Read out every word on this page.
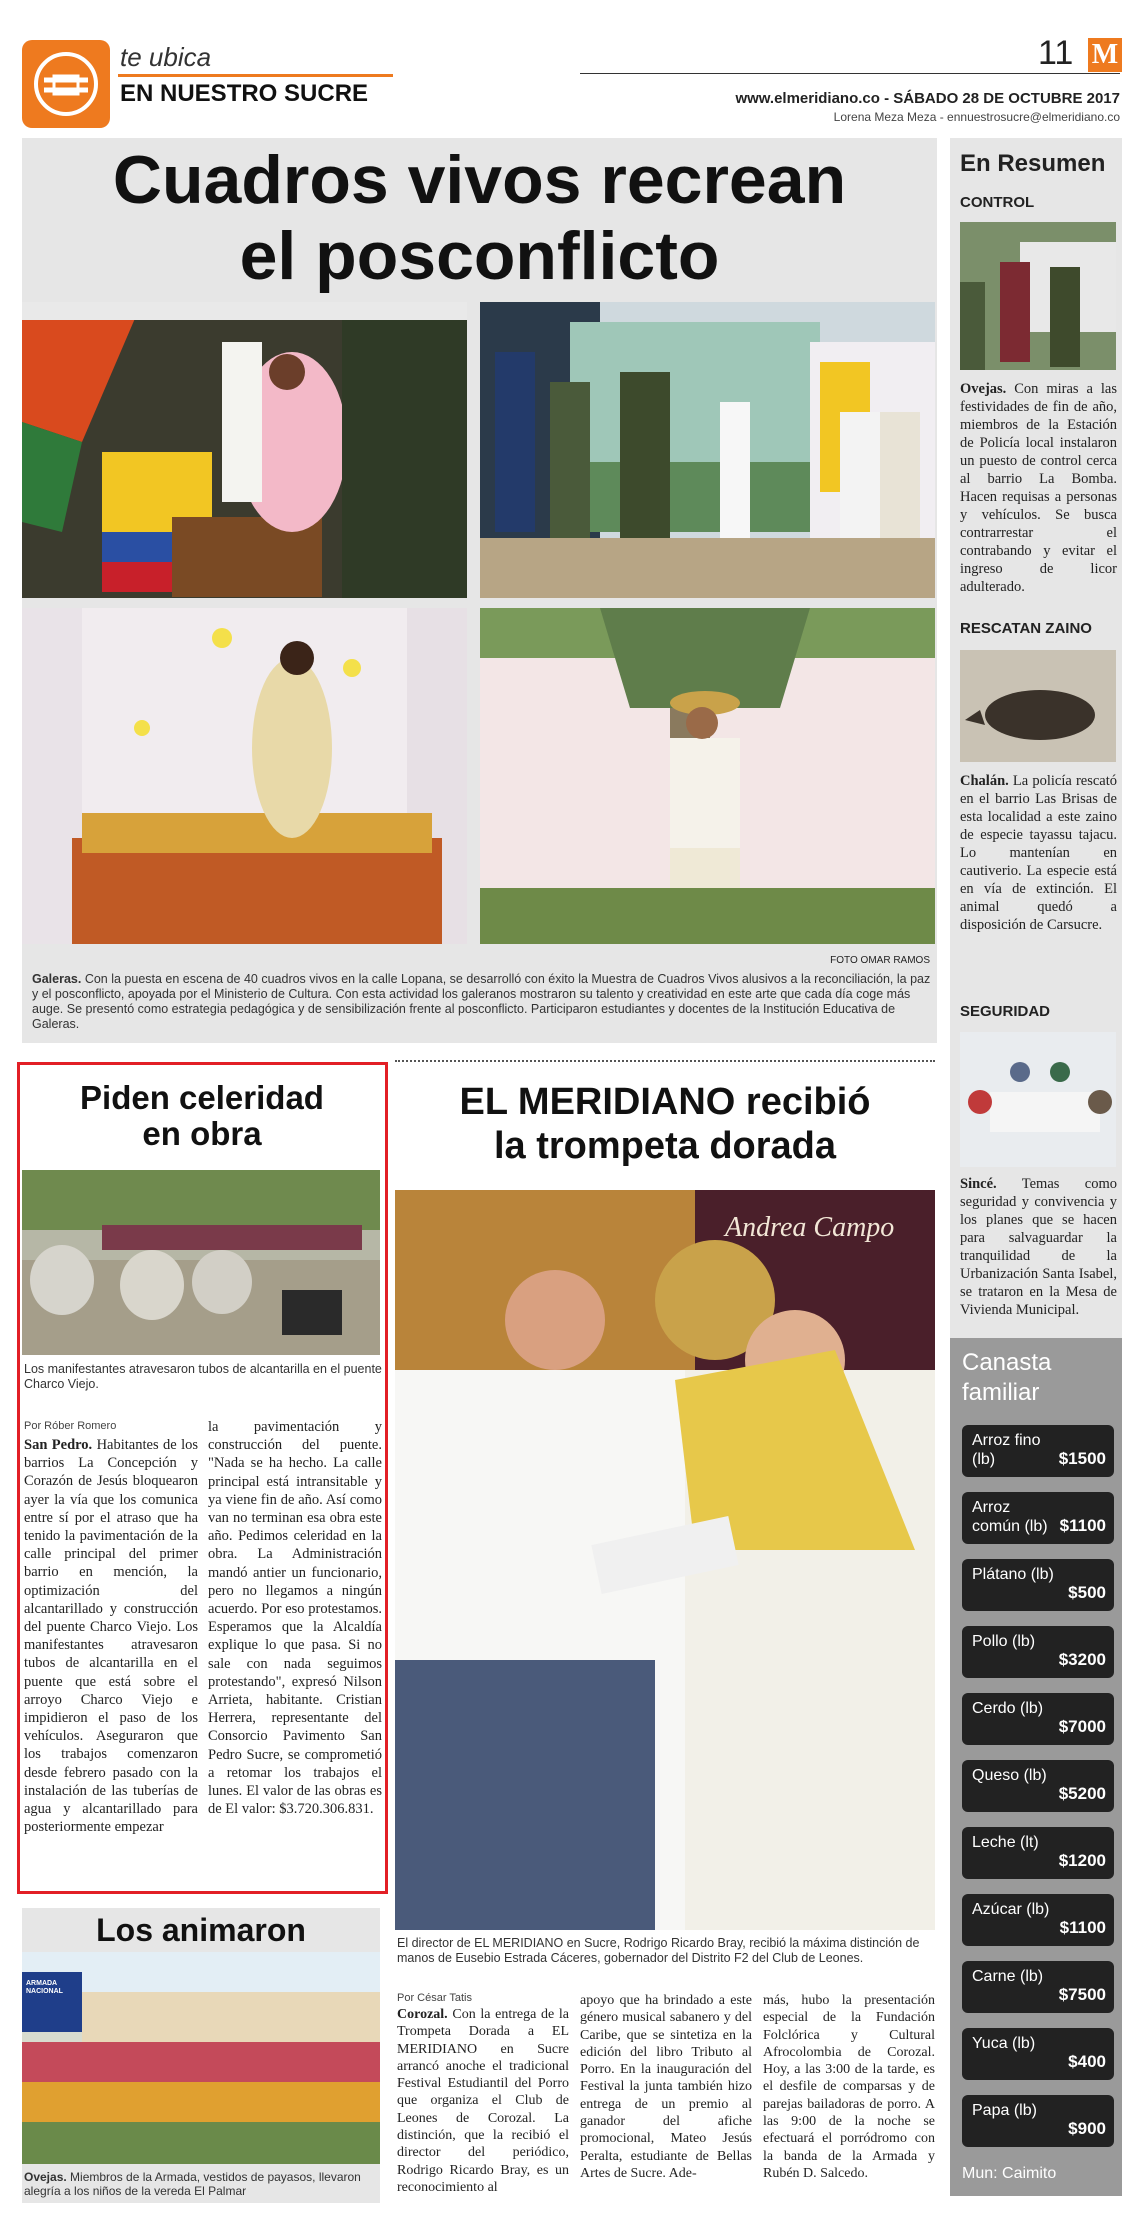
te ubica
EN NUESTRO SUCRE
11 M
www.elmeridiano.co - SÁBADO 28 DE OCTUBRE 2017
Lorena Meza Meza - ennuestrosucre@elmeridiano.co
Cuadros vivos recrean
el posconflicto
FOTO OMAR RAMOS
Galeras. Con la puesta en escena de 40 cuadros vivos en la calle Lopana, se desarrolló con éxito la Muestra de Cuadros Vivos alusivos a la reconciliación, la paz y el posconflicto, apoyada por el Ministerio de Cultura. Con esta actividad los galeranos mostraron su talento y creatividad en este arte que cada día coge más auge. Se presentó como estrategia pedagógica y de sensibilización frente al posconflicto. Participaron estudiantes y docentes de la Institución Educativa de Galeras.
En Resumen
CONTROL
Ovejas. Con miras a las festividades de fin de año, miembros de la Estación de Policía local instalaron un puesto de control cerca al barrio La Bomba. Hacen requisas a personas y vehículos. Se busca contrarrestar el contrabando y evitar el ingreso de licor adulterado.
RESCATAN ZAINO
Chalán. La policía rescató en el barrio Las Brisas de esta localidad a este zaino de especie tayassu tajacu. Lo mantenían en cautiverio. La especie está en vía de extinción. El animal quedó a disposición de Carsucre.
SEGURIDAD
Sincé. Temas como seguridad y convivencia y los planes que se hacen para salvaguardar la tranquilidad de la Urbanización Santa Isabel, se trataron en la Mesa de Vivienda Municipal.
Canasta
familiar
Arroz fino (lb)	$1500
Arroz común (lb) $1100
Plátano (lb)
$500
Pollo (lb)
$3200
Cerdo (lb)
$7000
Queso (lb)
$5200
Leche (lt)
$1200
Azúcar (lb)
$1100
Carne (lb)
$7500
Yuca (lb)
$400
Papa (lb)
$900
Mun: Caimito
Piden celeridad
en obra
Los manifestantes atravesaron tubos de alcantarilla en el puente Charco Viejo.
Por Róber Romero
San Pedro. Habitantes de los barrios La Concepción y Corazón de Jesús bloquearon ayer la vía que los comunica entre sí por el atraso que ha tenido la pavimentación de la calle principal del primer barrio en mención, la optimización del alcantarillado y construcción del puente Charco Viejo. Los manifestantes atravesaron tubos de alcantarilla en el puente que está sobre el arroyo Charco Viejo e impidieron el paso de los vehículos. Aseguraron que los trabajos comenzaron desde febrero pasado con la instalación de las tuberías de agua y alcantarillado para posteriormente empezar
la pavimentación y construcción del puente. "Nada se ha hecho. La calle principal está intransitable y ya viene fin de año. Así como van no terminan esa obra este año. Pedimos celeridad en la obra. La Administración mandó antier un funcionario, pero no llegamos a ningún acuerdo. Por eso protestamos. Esperamos que la Alcaldía explique lo que pasa. Si no sale con nada seguimos protestando", expresó Nilson Arrieta, habitante. Cristian Herrera, representante del Consorcio Pavimento San Pedro Sucre, se comprometió a retomar los trabajos el lunes. El valor de las obras es de El valor: $3.720.306.831.
EL MERIDIANO recibió
la trompeta dorada
Andrea Campo
El director de EL MERIDIANO en Sucre, Rodrigo Ricardo Bray, recibió la máxima distinción de manos de Eusebio Estrada Cáceres, gobernador del Distrito F2 del Club de Leones.
Por César Tatis
Corozal. Con la entrega de la Trompeta Dorada a EL MERIDIANO en Sucre arrancó anoche el tradicional Festival Estudiantil del Porro que organiza el Club de Leones de Corozal. La distinción, que la recibió el director del periódico, Rodrigo Ricardo Bray, es un reconocimiento al
apoyo que ha brindado a este género musical sabanero y del Caribe, que se sintetiza en la edición del libro Tributo al Porro. En la inauguración del Festival la junta también hizo entrega de un premio al ganador del afiche promocional, Mateo Jesús Peralta, estudiante de Bellas Artes de Sucre. Ade-
más, hubo la presentación especial de la Fundación Folclórica y Cultural Afrocolombia de Corozal. Hoy, a las 3:00 de la tarde, es el desfile de comparsas y de parejas bailadoras de porro. A las 9:00 de la noche se efectuará el porródromo con la banda de la Armada y Rubén D. Salcedo.
Los animaron
ARMADA NACIONAL
Ovejas. Miembros de la Armada, vestidos de payasos, llevaron alegría a los niños de la vereda El Palmar
